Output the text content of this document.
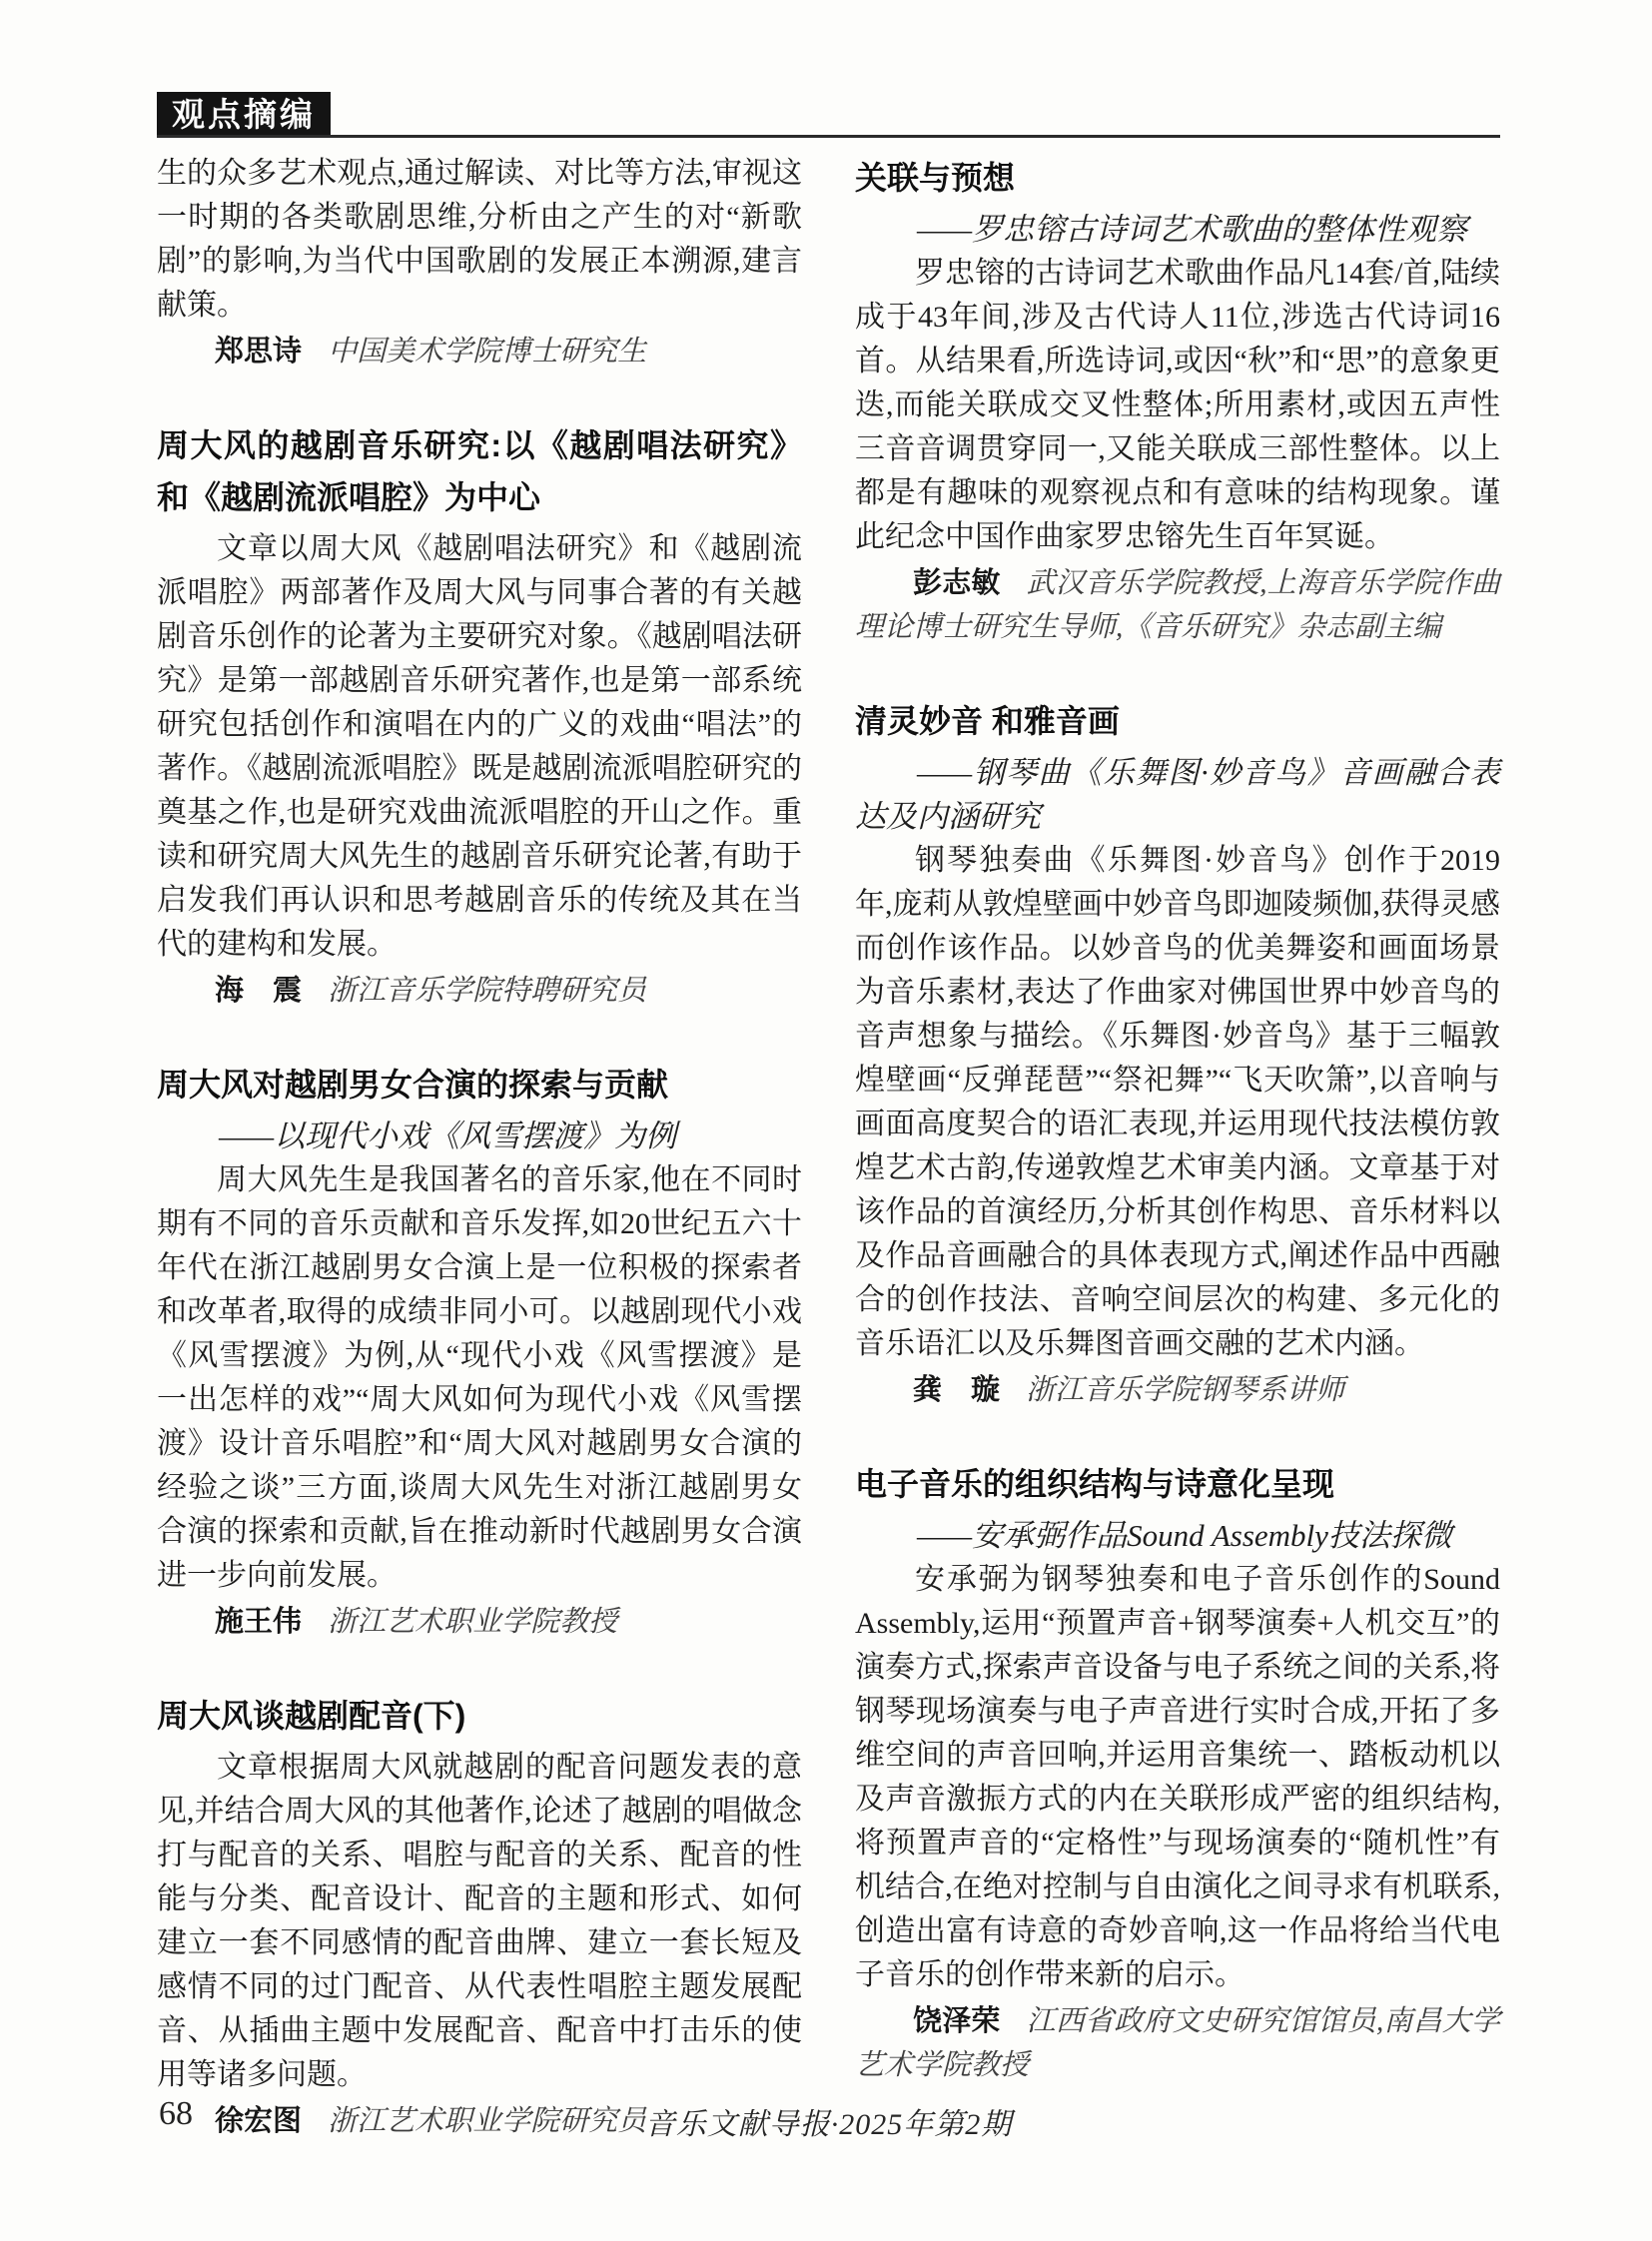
观点摘编

生的众多艺术观点,通过解读、对比等方法,审视这一时期的各类歌剧思维,分析由之产生的对“新歌剧”的影响,为当代中国歌剧的发展正本溯源,建言献策。

郑思诗 中国美术学院博士研究生

周大风的越剧音乐研究:以《越剧唱法研究》和《越剧流派唱腔》为中心

文章以周大风《越剧唱法研究》和《越剧流派唱腔》两部著作及周大风与同事合著的有关越剧音乐创作的论著为主要研究对象。《越剧唱法研究》是第一部越剧音乐研究著作,也是第一部系统研究包括创作和演唱在内的广义的戏曲“唱法”的著作。《越剧流派唱腔》既是越剧流派唱腔研究的奠基之作,也是研究戏曲流派唱腔的开山之作。重读和研究周大风先生的越剧音乐研究论著,有助于启发我们再认识和思考越剧音乐的传统及其在当代的建构和发展。

海　震 浙江音乐学院特聘研究员

周大风对越剧男女合演的探索与贡献

——以现代小戏《风雪摆渡》为例

周大风先生是我国著名的音乐家,他在不同时期有不同的音乐贡献和音乐发挥,如20世纪五六十年代在浙江越剧男女合演上是一位积极的探索者和改革者,取得的成绩非同小可。以越剧现代小戏《风雪摆渡》为例,从“现代小戏《风雪摆渡》是一出怎样的戏”“周大风如何为现代小戏《风雪摆渡》设计音乐唱腔”和“周大风对越剧男女合演的经验之谈”三方面,谈周大风先生对浙江越剧男女合演的探索和贡献,旨在推动新时代越剧男女合演进一步向前发展。

施王伟 浙江艺术职业学院教授

周大风谈越剧配音(下)

文章根据周大风就越剧的配音问题发表的意见,并结合周大风的其他著作,论述了越剧的唱做念打与配音的关系、唱腔与配音的关系、配音的性能与分类、配音设计、配音的主题和形式、如何建立一套不同感情的配音曲牌、建立一套长短及感情不同的过门配音、从代表性唱腔主题发展配音、从插曲主题中发展配音、配音中打击乐的使用等诸多问题。

徐宏图 浙江艺术职业学院研究员

关联与预想

——罗忠镕古诗词艺术歌曲的整体性观察

罗忠镕的古诗词艺术歌曲作品凡14套/首,陆续成于43年间,涉及古代诗人11位,涉选古代诗词16首。从结果看,所选诗词,或因“秋”和“思”的意象更迭,而能关联成交叉性整体;所用素材,或因五声性三音音调贯穿同一,又能关联成三部性整体。以上都是有趣味的观察视点和有意味的结构现象。谨此纪念中国作曲家罗忠镕先生百年冥诞。

彭志敏 武汉音乐学院教授,上海音乐学院作曲理论博士研究生导师,《音乐研究》杂志副主编

清灵妙音 和雅音画

——钢琴曲《乐舞图·妙音鸟》音画融合表达及内涵研究

钢琴独奏曲《乐舞图·妙音鸟》创作于2019年,庞莉从敦煌壁画中妙音鸟即迦陵频伽,获得灵感而创作该作品。以妙音鸟的优美舞姿和画面场景为音乐素材,表达了作曲家对佛国世界中妙音鸟的音声想象与描绘。《乐舞图·妙音鸟》基于三幅敦煌壁画“反弹琵琶”“祭祀舞”“飞天吹箫”,以音响与画面高度契合的语汇表现,并运用现代技法模仿敦煌艺术古韵,传递敦煌艺术审美内涵。文章基于对该作品的首演经历,分析其创作构思、音乐材料以及作品音画融合的具体表现方式,阐述作品中西融合的创作技法、音响空间层次的构建、多元化的音乐语汇以及乐舞图音画交融的艺术内涵。

龚　璇 浙江音乐学院钢琴系讲师

电子音乐的组织结构与诗意化呈现

——安承弼作品Sound Assembly技法探微

安承弼为钢琴独奏和电子音乐创作的Sound Assembly,运用“预置声音+钢琴演奏+人机交互”的演奏方式,探索声音设备与电子系统之间的关系,将钢琴现场演奏与电子声音进行实时合成,开拓了多维空间的声音回响,并运用音集统一、踏板动机以及声音激振方式的内在关联形成严密的组织结构,将预置声音的“定格性”与现场演奏的“随机性”有机结合,在绝对控制与自由演化之间寻求有机联系,创造出富有诗意的奇妙音响,这一作品将给当代电子音乐的创作带来新的启示。

饶泽荣 江西省政府文史研究馆馆员,南昌大学艺术学院教授

68	音乐文献导报·2025年第2期
